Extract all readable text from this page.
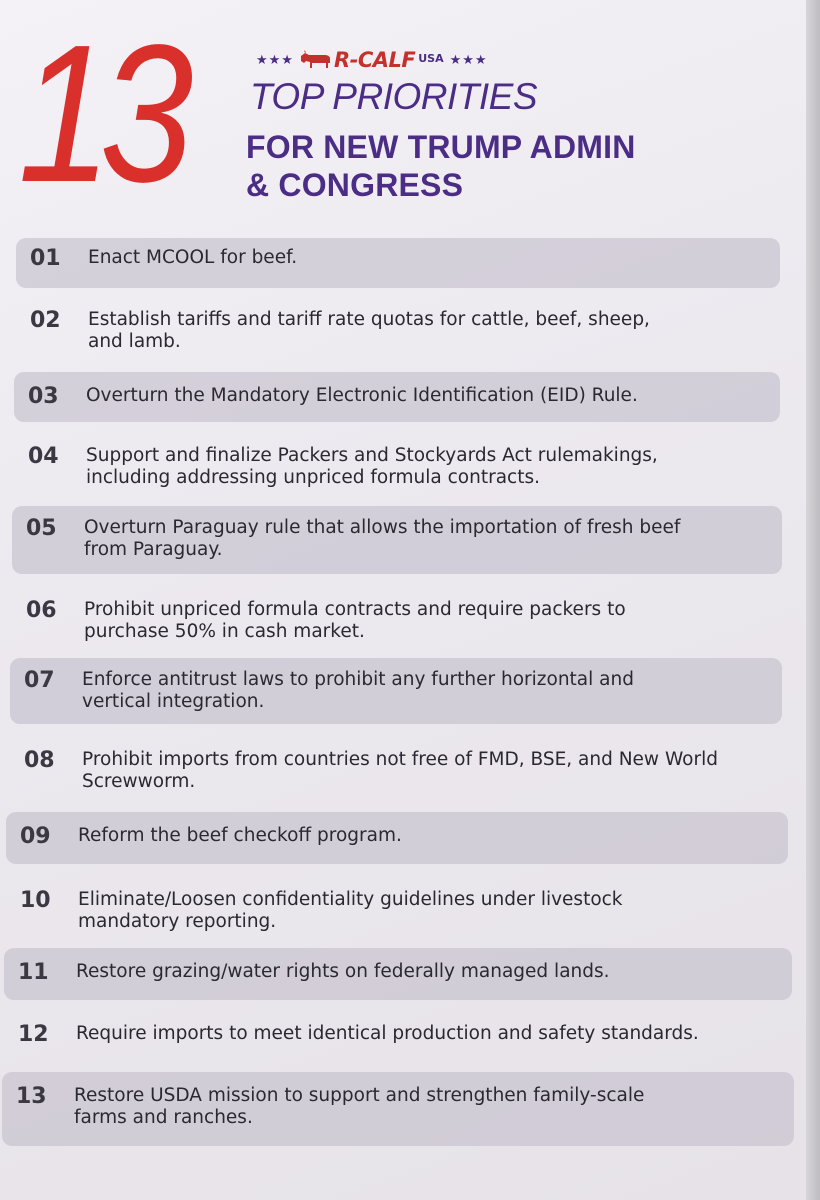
13	★★★ R-CALF USA ★★★
TOP PRIORITIES
FOR NEW TRUMP ADMIN
& CONGRESS
01	Enact MCOOL for beef.
02	Establish tariffs and tariff rate quotas for cattle, beef, sheep,
and lamb.
03	Overturn the Mandatory Electronic Identification (EID) Rule.
04	Support and finalize Packers and Stockyards Act rulemakings,
including addressing unpriced formula contracts.
05	Overturn Paraguay rule that allows the importation of fresh beef
from Paraguay.
06	Prohibit unpriced formula contracts and require packers to
purchase 50% in cash market.
07	Enforce antitrust laws to prohibit any further horizontal and
vertical integration.
08	Prohibit imports from countries not free of FMD, BSE, and New World
Screwworm.
09	Reform the beef checkoff program.
10	Eliminate/Loosen confidentiality guidelines under livestock
mandatory reporting.
11	Restore grazing/water rights on federally managed lands.
12	Require imports to meet identical production and safety standards.
13	Restore USDA mission to support and strengthen family-scale
farms and ranches.
